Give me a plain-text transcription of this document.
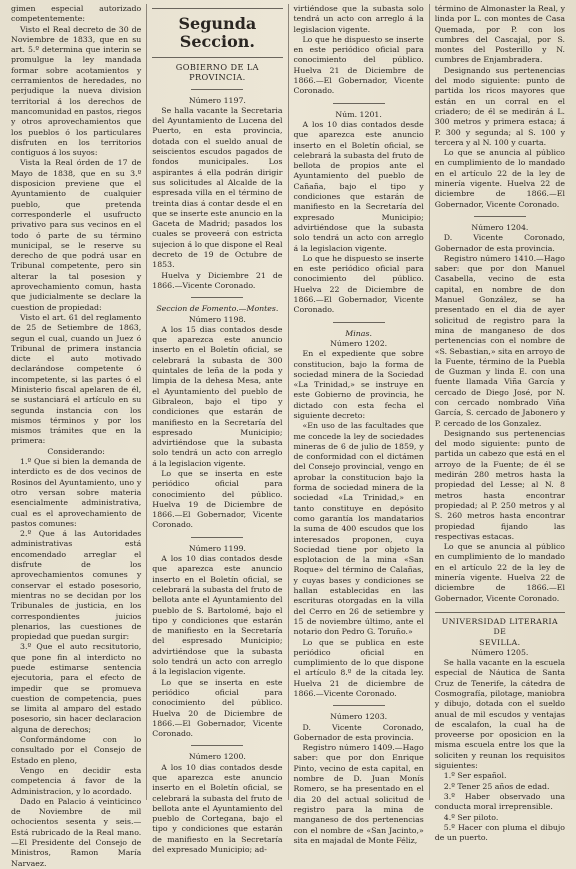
gimen especial autorizado competentemente:

Visto el Real decreto de 30 de Noviembre de 1833, que en su art. 5.º determina que interin se promulgue la ley mandada formar sobre acotamientos y cerramientos de heredades, no perjudique la nueva division territorial á los derechos de mancomunidad en pastos, riegos y otros aprovechamientos que los pueblos ó los particulares disfruten en los territorios contiguos á los suyos:

Vista la Real órden de 17 de Mayo de 1838, que en su 3.º disposicion previene que el Ayuntamiento de cualquier pueblo, que pretenda corresponderle el usufructo privativo para sus vecinos en el todo ó parte de su término municipal, se le reserve su derecho de que podrá usar en Tribunal competente, pero sin alterar la tal posesion y aprovechamiento comun, hasta que judicialmente se declare la cuestion de propiedad:

Visto el art. 61 del reglamento de 25 de Setiembre de 1863, segun el cual, cuando un Juez ó Tribunal de primera instancia dicte el auto motivado declarándose competente ó incompetente, si las partes ó el Ministerio fiscal apelaren de él, se sustanciará el artículo en su segunda instancia con los mismos términos y por los mismos trámites que en la primera:

Considerando:

1.º Que si bien la demanda de interdicto es de dos vecinos de Rosinos del Ayuntamiento, uno y otro versan sobre materia esencialmente administrativa, cual es el aprovechamiento de pastos comunes:

2.º Que á las Autoridades administrativas está encomendado arreglar el disfrute de los aprovechamientos comunes y conservar el estado posesorio, mientras no se decidan por los Tribunales de justicia, en los correspondientes juicios plenarios, las cuestiones de propiedad que puedan surgir:

3.º Que el auto recsitutorio, que pone fin al interdicto no puede estimarse sentencia ejecutoria, para el efecto de impedir que se promueva cuestion de competencia, pues se limita al amparo del estado posesorio, sin hacer declaracion alguna de derechos;

Conformándome con lo consultado por el Consejo de Estado en pleno,

Vengo en decidir esta competencia á favor de la Administracion, y lo acordado.

Dado en Palacio á veinticinco de Noviembre de mil ochocientos sesenta y seis.—Está rubricado de la Real mano.—El Presidente del Consejo de Ministros, Ramon María Narvaez.

Segunda Seccion.
GOBIERNO DE LA PROVINCIA.

Número 1197.

Se halla vacante la Secretaria del Ayuntamiento de Lucena del Puerto, en esta provincia, dotada con el sueldo anual de seiscientos escudos pagados de fondos municipales. Los aspirantes á ella podrán dirigir sus solicitudes al Alcalde de la espresada villa en el término de treinta dias á contar desde el en que se inserte este anuncio en la Gaceta de Madrid; pasados los cuales se proveerá con estricta sujecion á lo que dispone el Real decreto de 19 de Octubre de 1853.

Huelva y Diciembre 21 de 1866.—Vicente Coronado.

Seccion de Fomento.—Montes.

Número 1198.

A los 15 dias contados desde que aparezca este anuncio inserto en el Boletín oficial, se celebrará la subasta de 300 quintales de leña de la poda y limpia de la dehesa Mesa, ante el Ayuntamiento del pueblo de Gibraleon, bajo el tipo y condiciones que estarán de manifiesto en la Secretaría del espresado Municipio; advirtiéndose que la subasta solo tendrá un acto con arreglo á la legislacion vigente.

Lo que se inserta en este periódico oficial para conocimiento del público. Huelva 19 de Diciembre de 1866.—El Gobernador, Vicente Coronado.

Número 1199.

A los 10 dias contados desde que aparezca este anuncio inserto en el Boletín oficial, se celebrará la subasta del fruto de bellota ante el Ayuntamiento del pueblo de S. Bartolomé, bajo el tipo y condiciones que estarán de manifiesto en la Secretaría del espresado Municipio; advirtiéndose que la subasta solo tendrá un acto con arreglo á la legislacion vigente.

Lo que se inserta en este periódico oficial para conocimiento del público. Huelva 20 de Diciembre de 1866.—El Gobernador, Vicente Coronado.

Número 1200.

A los 10 dias contados desde que aparezca este anuncio inserto en el Boletín oficial, se celebrará la subasta del fruto de bellota ante el Ayuntamiento del pueblo de Cortegana, bajo el tipo y condiciones que estarán de manifiesto en la Secretaría del expresado Municipio; ad-

virtiéndose que la subasta solo tendrá un acto con arreglo á la legislacion vigente.

Lo que he dispuesto se inserte en este periódico oficial para conocimiento del público. Huelva 21 de Diciembre de 1866.—El Gobernador, Vicente Coronado.

Núm. 1201.

A los 10 dias contados desde que aparezca este anuncio inserto en el Boletín oficial, se celebrará la subasta del fruto de bellota de propios ante el Ayuntamiento del pueblo de Cañaña, bajo el tipo y condiciones que estarán de manifiesto en la Secretaría del expresado Municipio; advirtiéndose que la subasta solo tendrá un acto con arreglo á la legislacion vigente.

Lo que he dispuesto se inserte en este periódico oficial para conocimiento del público. Huelva 22 de Diciembre de 1866.—El Gobernador, Vicente Coronado.

Minas.

Número 1202.

En el expediente que sobre constitucion, bajo la forma de sociedad minera de la Sociedad «La Trinidad,» se instruye en este Gobierno de provincia, he dictado con esta fecha el siguiente decreto:

«En uso de las facultades que me concede la ley de sociedades mineras de 6 de julio de 1859, y de conformidad con el dictámen del Consejo provincial, vengo en aprobar la constitucion bajo la forma de sociedad minera de la sociedad «La Trinidad,» en tanto constituye en depósito como garantía los mandatarios la suma de 400 escudos que los interesados proponen, cuya Sociedad tiene por objeto la esplotacion de la mina «San Roque» del término de Calañas, y cuyas bases y condiciones se hallan establecidas en las escrituras otorgadas en la villa del Cerro en 26 de setiembre y 15 de noviembre último, ante el notario don Pedro G. Toruño.»

Lo que se publica en este periódico oficial en cumplimiento de lo que dispone el artículo 8.º de la citada ley. Huelva 21 de diciembre de 1866.—Vicente Coronado.

Número 1203.

D. Vicente Coronado, Gobernador de esta provincia.

Registro número 1409.—Hago saber: que por don Enrique Pinto, vecino de esta capital, en nombre de D. Juan Monís Romero, se ha presentado en el dia 20 del actual solicitud de registro para la mina de manganeso de dos pertenencias con el nombre de «San Jacinto,» sita en majadal de Monte Féliz,

término de Almonaster la Real, y linda por L. con montes de Casa Quemada, por P. con los cumbres del Cascajal, por S. montes del Posterillo y N. cumbres de Enjambradera.

Designando sus pertenencias del modo siguiente: punto de partida los ricos mayores que están en un corral en el criadero; de él se medirán á L. 300 metros y primera estaca; á P. 300 y segunda; al S. 100 y tercera y al N. 100 y cuarta.

Lo que se anuncia al público en cumplimiento de lo mandado en el artículo 22 de la ley de minería vigente. Huelva 22 de diciembre de 1866.—El Gobernador, Vicente Coronado.

Número 1204.

D. Vicente Coronado, Gobernador de esta provincia.

Registro número 1410.—Hago saber: que por don Manuel Casabella, vecino de esta capital, en nombre de don Manuel González, se ha presentado en el dia de ayer solicitud de registro para la mina de manganeso de dos pertenencias con el nombre de «S. Sebastian,» sita en arroyo de la Fuente, término de la Puebla de Guzman y linda E. con una fuente llamada Viña García y cercado de Diego José, por N. con cercado nombrado Viña García, S. cercado de Jabonero y P. cercado de los Gonzalez.

Designando sus pertenencias del modo siguiente: punto de partida un cabezo que está en el arroyo de la Fuente; de él se medirán 280 metros hasta la propiedad del Lesse; al N. 8 metros hasta encontrar propiedad; al P. 250 metros y al S. 260 metros hasta encontrar propiedad fijando las respectivas estacas.

Lo que se anuncia al público en cumplimiento de lo mandado en el artículo 22 de la ley de minería vigente. Huelva 22 de diciembre de 1866.—El Gobernador, Vicente Coronado.

UNIVERSIDAD LITERARIA DE

SEVILLA.

Número 1205.

Se halla vacante en la escuela especial de Náutica de Santa Cruz de Tenerife, la cátedra de Cosmografía, pilotage, maniobra y dibujo, dotada con el sueldo anual de mil escudos y ventajas de escalafon, la cual ha de proveerse por oposicion en la misma escuela entre los que la soliciten y reunan los requisitos siguientes:

1.º Ser español.

2.º Tener 25 años de edad.

3.º Haber observado una conducta moral irreprensible.

4.º Ser piloto.

5.º Hacer con pluma el dibujo de un puerto.
